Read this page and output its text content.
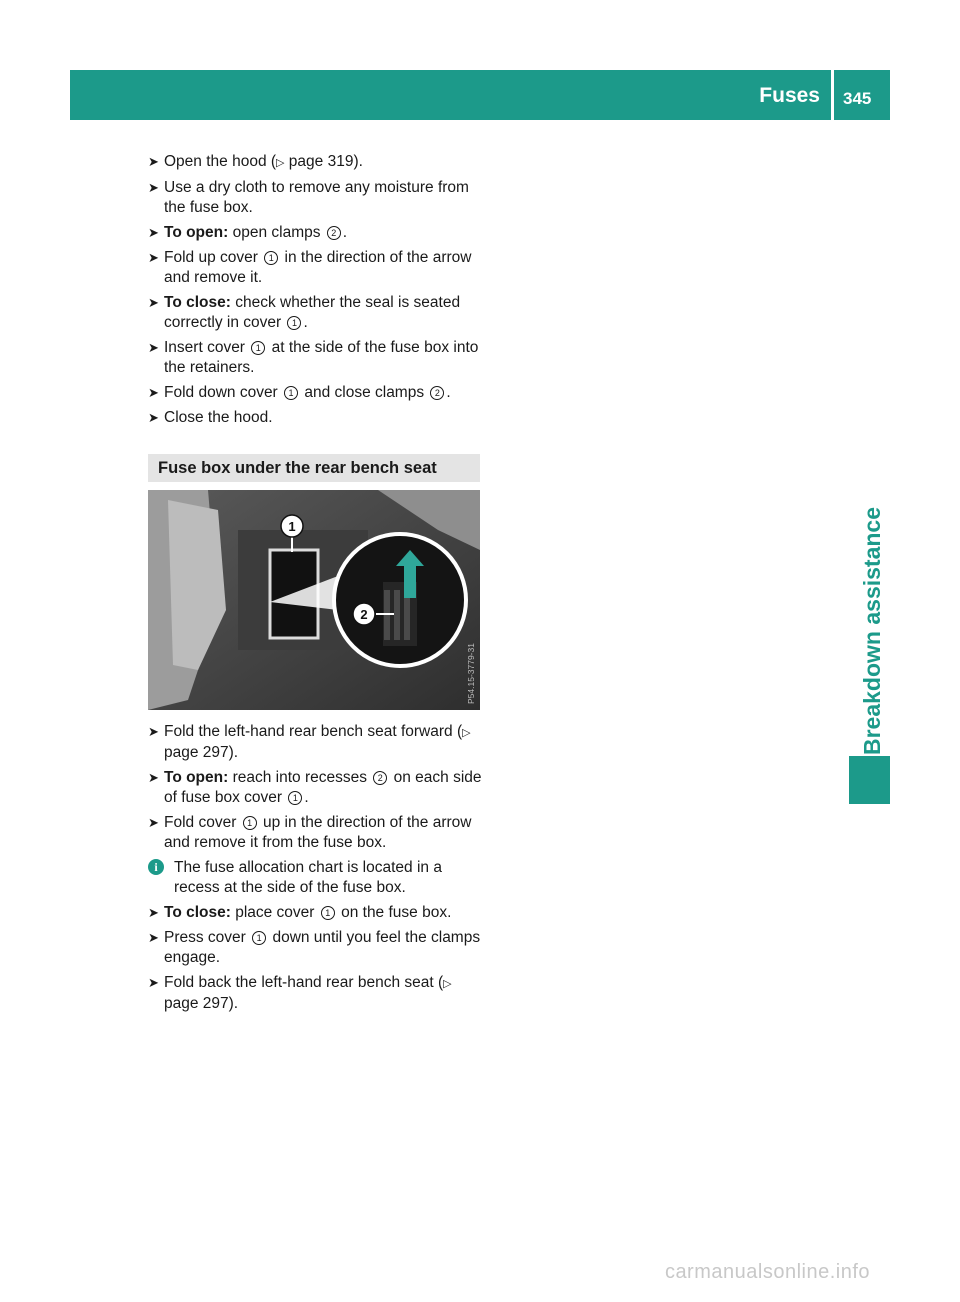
Fuses 345
Breakdown assistance
➤ Open the hood (▷ page 319).
➤ Use a dry cloth to remove any moisture from the fuse box.
➤ To open: open clamps 2 .
➤ Fold up cover 1 in the direction of the arrow and remove it.
➤ To close: check whether the seal is seated correctly in cover 1 .
➤ Insert cover 1 at the side of the fuse box into the retainers.
➤ Fold down cover 1 and close clamps 2 .
➤ Close the hood.
Fuse box under the rear bench seat
1
2
P54.15-3779-31
➤ Fold the left-hand rear bench seat forward (▷ page 297).
➤ To open: reach into recesses 2 on each side of fuse box cover 1 .
➤ Fold cover 1 up in the direction of the arrow and remove it from the fuse box.
i	The fuse allocation chart is located in a recess at the side of the fuse box.
➤ To close: place cover 1 on the fuse box.
➤ Press cover 1 down until you feel the clamps engage.
➤ Fold back the left-hand rear bench seat (▷ page 297).
carmanualsonline.info
